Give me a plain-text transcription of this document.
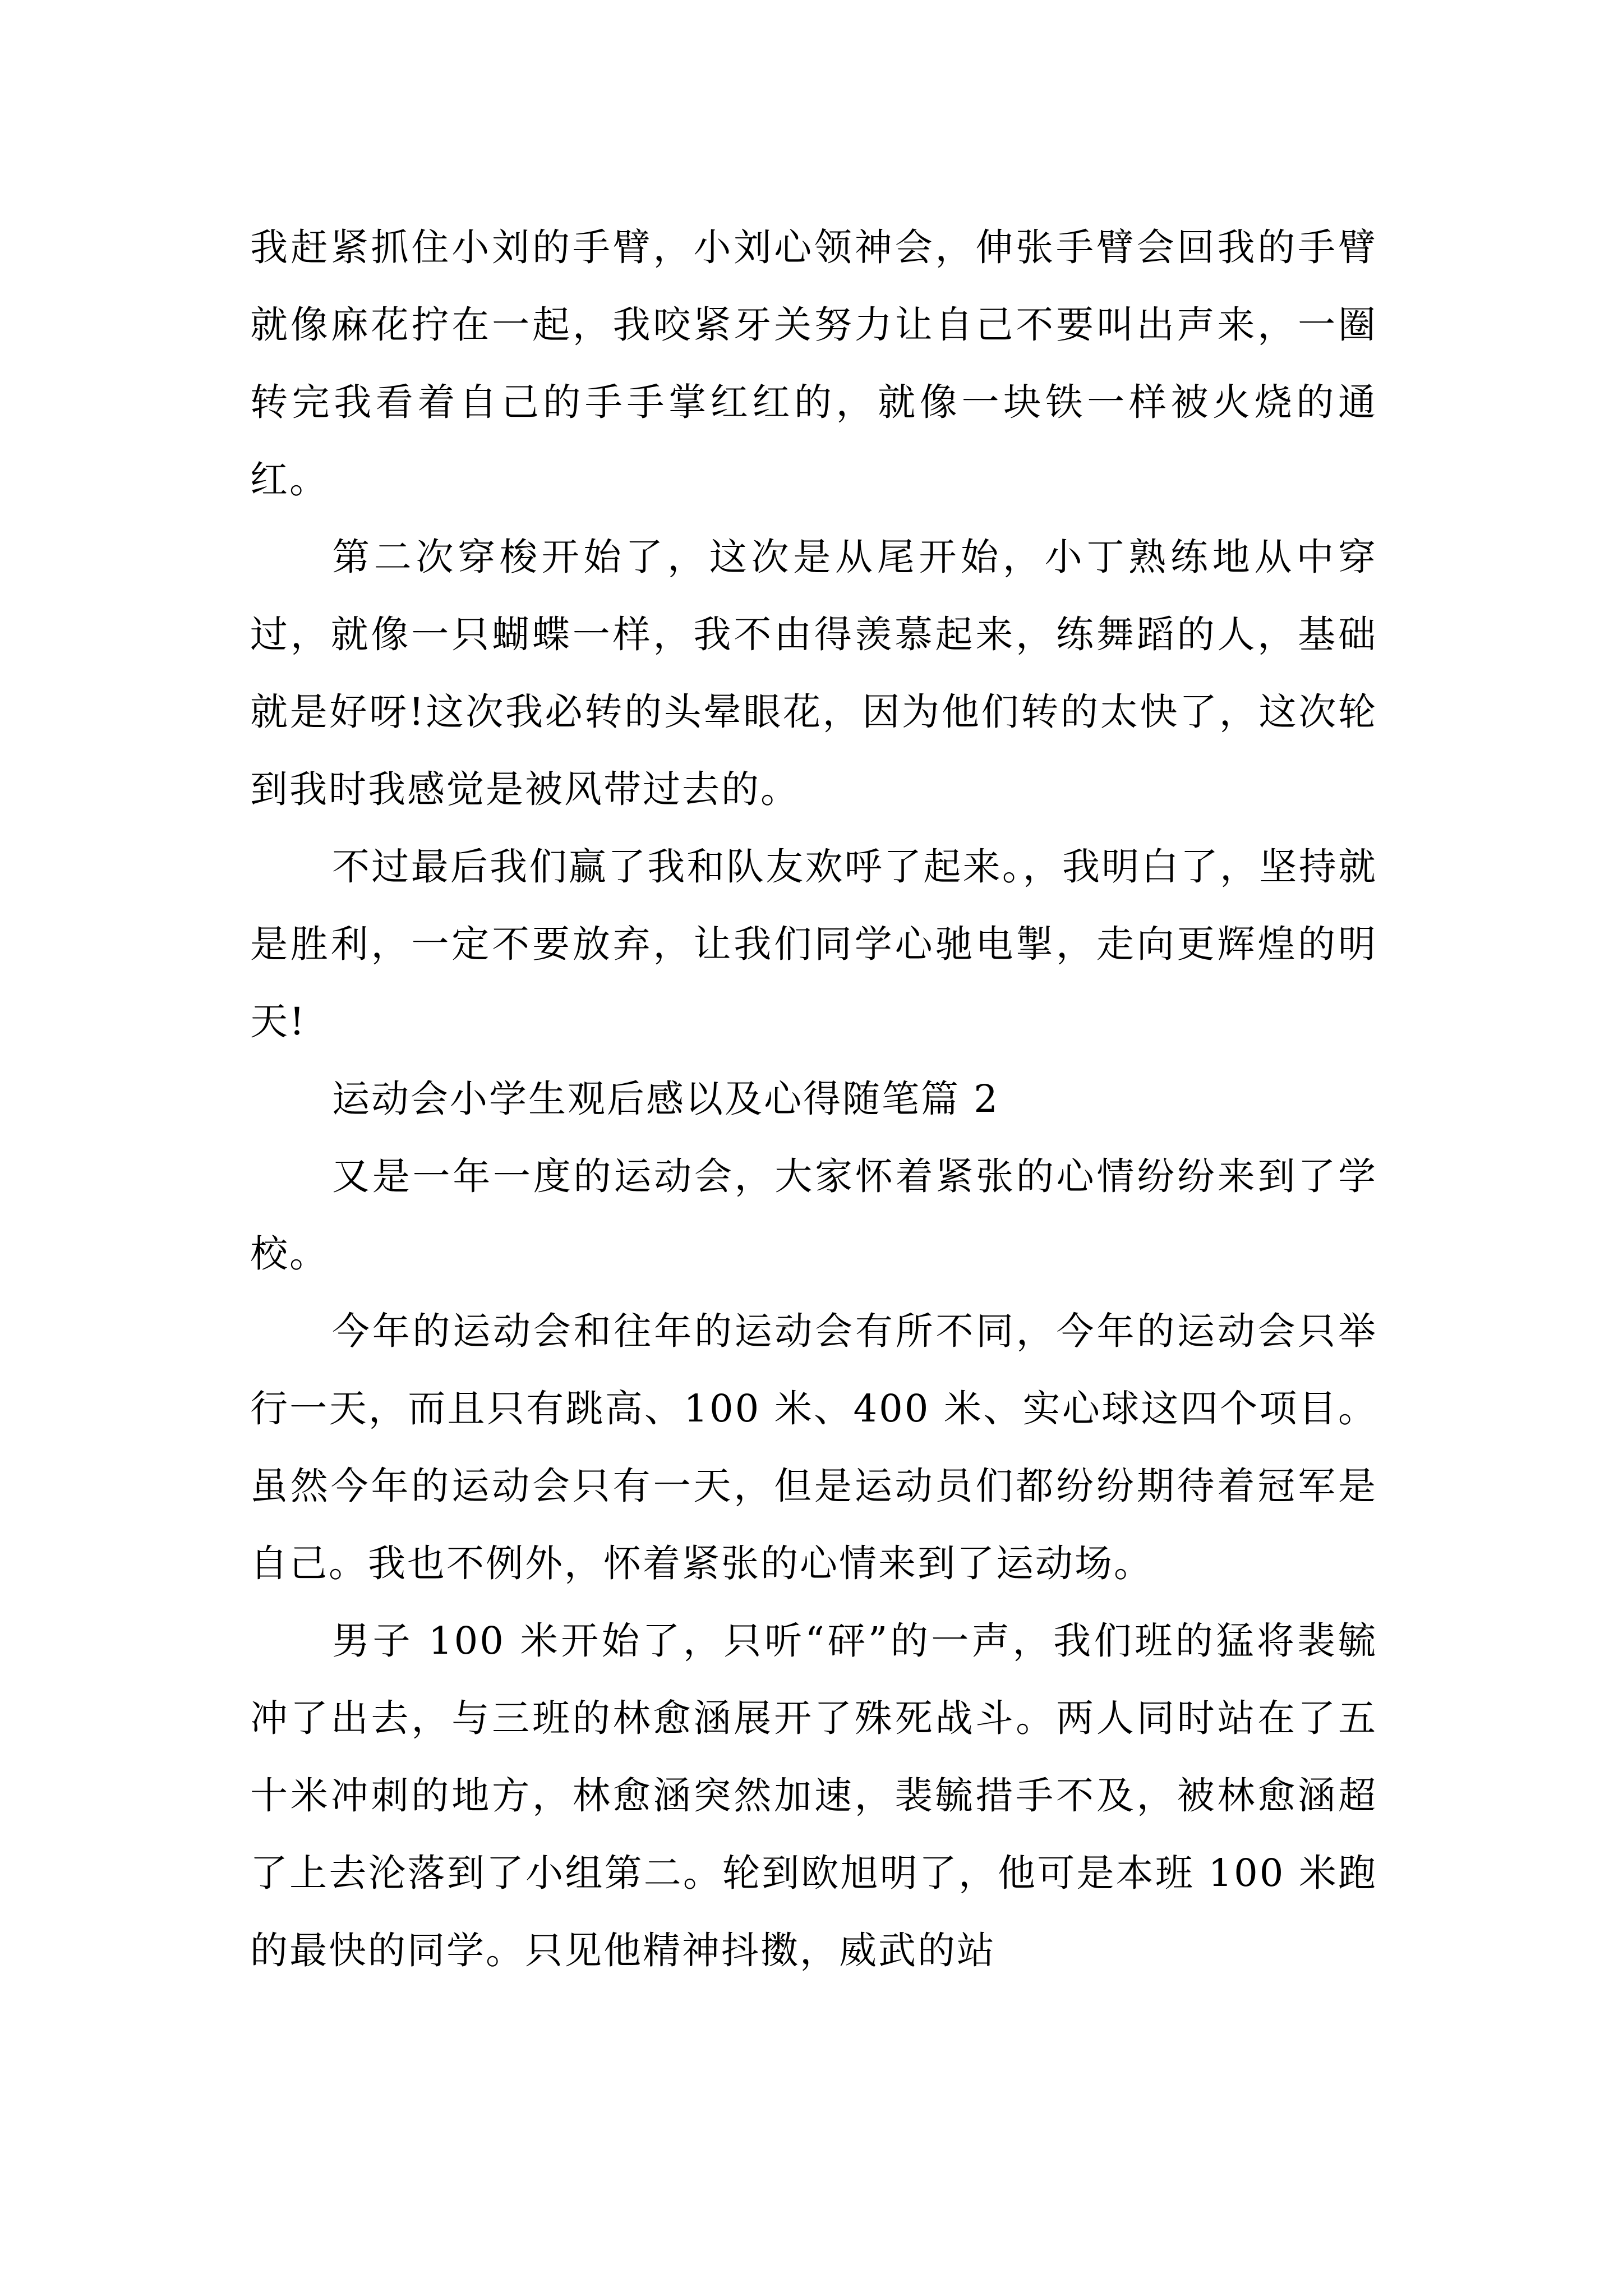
我赶紧抓住小刘的手臂，小刘心领神会，伸张手臂会回我的手臂就像麻花拧在一起，我咬紧牙关努力让自己不要叫出声来，一圈转完我看着自己的手手掌红红的，就像一块铁一样被火烧的通红。

第二次穿梭开始了，这次是从尾开始，小丁熟练地从中穿过，就像一只蝴蝶一样，我不由得羡慕起来，练舞蹈的人，基础就是好呀!这次我必转的头晕眼花，因为他们转的太快了，这次轮到我时我感觉是被风带过去的。

不过最后我们赢了我和队友欢呼了起来。，我明白了，坚持就是胜利，一定不要放弃，让我们同学心驰电掣，走向更辉煌的明天!

运动会小学生观后感以及心得随笔篇 2

又是一年一度的运动会，大家怀着紧张的心情纷纷来到了学校。

今年的运动会和往年的运动会有所不同，今年的运动会只举行一天，而且只有跳高、100 米、400 米、实心球这四个项目。虽然今年的运动会只有一天，但是运动员们都纷纷期待着冠军是自己。我也不例外，怀着紧张的心情来到了运动场。

男子 100 米开始了，只听“砰”的一声，我们班的猛将裴毓冲了出去，与三班的林愈涵展开了殊死战斗。两人同时站在了五十米冲刺的地方，林愈涵突然加速，裴毓措手不及，被林愈涵超了上去沦落到了小组第二。轮到欧旭明了，他可是本班 100 米跑的最快的同学。只见他精神抖擞，威武的站
